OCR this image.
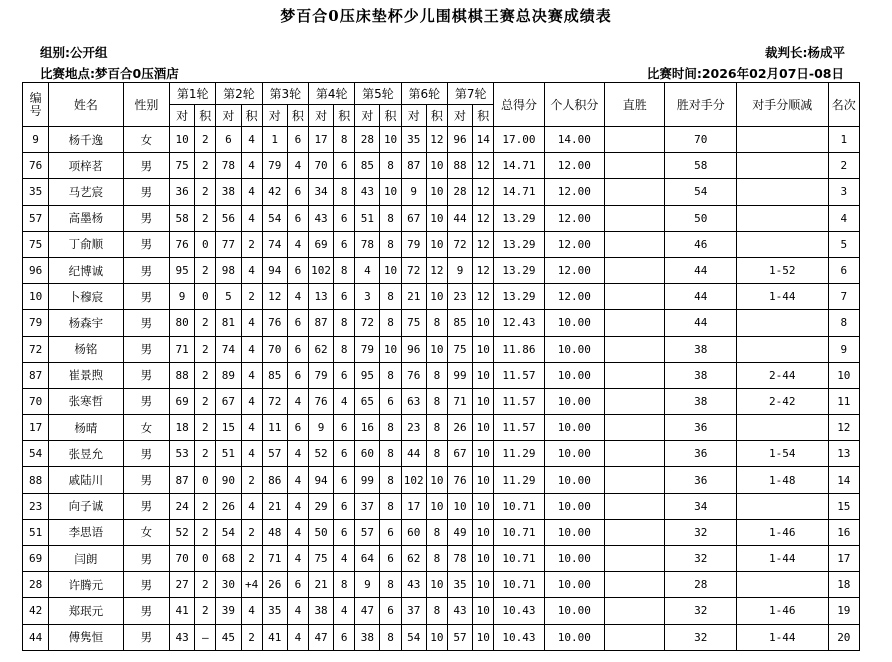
梦百合0压床垫杯少儿围棋棋王赛总决赛成绩表
组别:公开组	裁判长:杨成平
比赛地点:梦百合0压酒店	比赛时间:2026年02月07日-08日
编号	姓名	性别	第1轮		第2轮		第3轮		第4轮		第5轮		第6轮		第7轮		总得分	个人积分	直胜	胜对手分	对手分顺减	名次
			对	积	对	积	对	积	对	积	对	积	对	积	对	积						
9	杨千逸	女	10	2	6	4	1	6	17	8	28	10	35	12	96	14	17.00	14.00		70		1
76	项梓茗	男	75	2	78	4	79	4	70	6	85	8	87	10	88	12	14.71	12.00		58		2
35	马艺宸	男	36	2	38	4	42	6	34	8	43	10	9	10	28	12	14.71	12.00		54		3
57	高墨杨	男	58	2	56	4	54	6	43	6	51	8	67	10	44	12	13.29	12.00		50		4
75	丁俞顺	男	76	0	77	2	74	4	69	6	78	8	79	10	72	12	13.29	12.00		46		5
96	纪博诚	男	95	2	98	4	94	6	102	8	4	10	72	12	9	12	13.29	12.00		44	1-52	6
10	卜穆宸	男	9	0	5	2	12	4	13	6	3	8	21	10	23	12	13.29	12.00		44	1-44	7
79	杨森宇	男	80	2	81	4	76	6	87	8	72	8	75	8	85	10	12.43	10.00		44		8
72	杨铭	男	71	2	74	4	70	6	62	8	79	10	96	10	75	10	11.86	10.00		38		9
87	崔景煦	男	88	2	89	4	85	6	79	6	95	8	76	8	99	10	11.57	10.00		38	2-44	10
70	张寒哲	男	69	2	67	4	72	4	76	4	65	6	63	8	71	10	11.57	10.00		38	2-42	11
17	杨晴	女	18	2	15	4	11	6	9	6	16	8	23	8	26	10	11.57	10.00		36		12
54	张昱允	男	53	2	51	4	57	4	52	6	60	8	44	8	67	10	11.29	10.00		36	1-54	13
88	戚陆川	男	87	0	90	2	86	4	94	6	99	8	102	10	76	10	11.29	10.00		36	1-48	14
23	向子诚	男	24	2	26	4	21	4	29	6	37	8	17	10	10	10	10.71	10.00		34		15
51	李思语	女	52	2	54	2	48	4	50	6	57	6	60	8	49	10	10.71	10.00		32	1-46	16
69	闫朗	男	70	0	68	2	71	4	75	4	64	6	62	8	78	10	10.71	10.00		32	1-44	17
28	许腾元	男	27	2	30	+4	26	6	21	8	9	8	43	10	35	10	10.71	10.00		28		18
42	郑珉元	男	41	2	39	4	35	4	38	4	47	6	37	8	43	10	10.43	10.00		32	1-46	19
44	傅隽恒	男	43	–	45	2	41	4	47	6	38	8	54	10	57	10	10.43	10.00		32	1-44	20
